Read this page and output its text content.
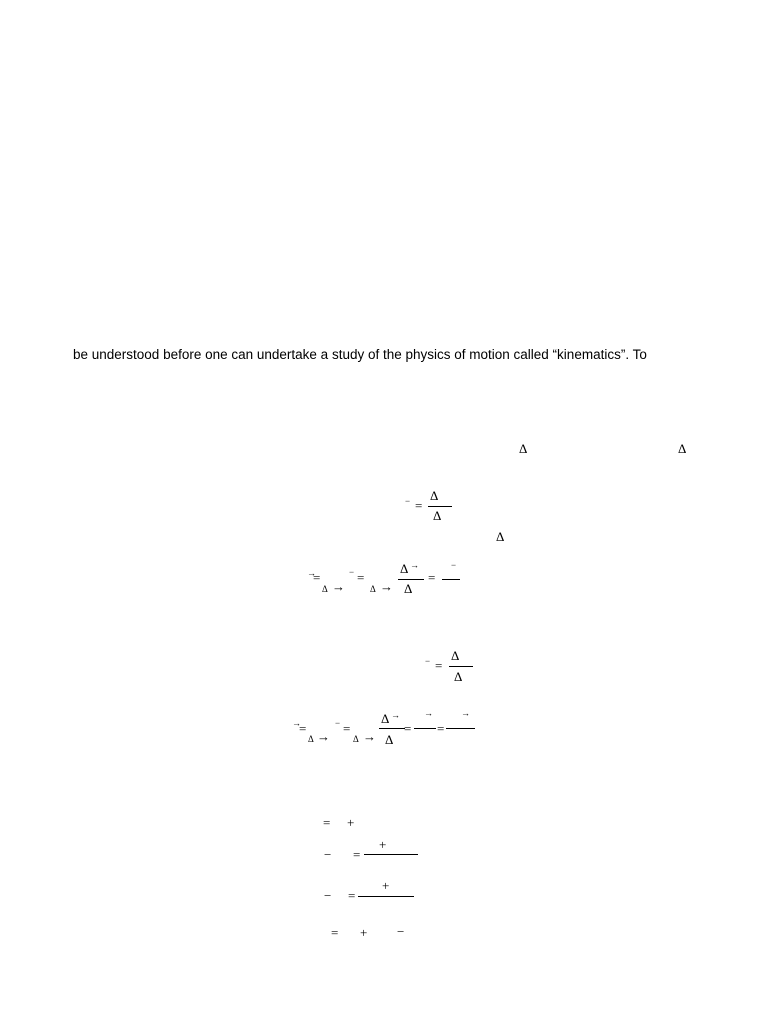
be understood before one can undertake a study of the physics of motion called “kinematics”. To
Δ	Δ
− =
Δ
Δ
Δ
→
=
Δ →
− =
Δ →
Δ →
Δ
=
−
− =
Δ
Δ
→
=
Δ →
− =
Δ →
Δ →
Δ
=
→
=
→
= +
− =
+
− =
+
= + −
